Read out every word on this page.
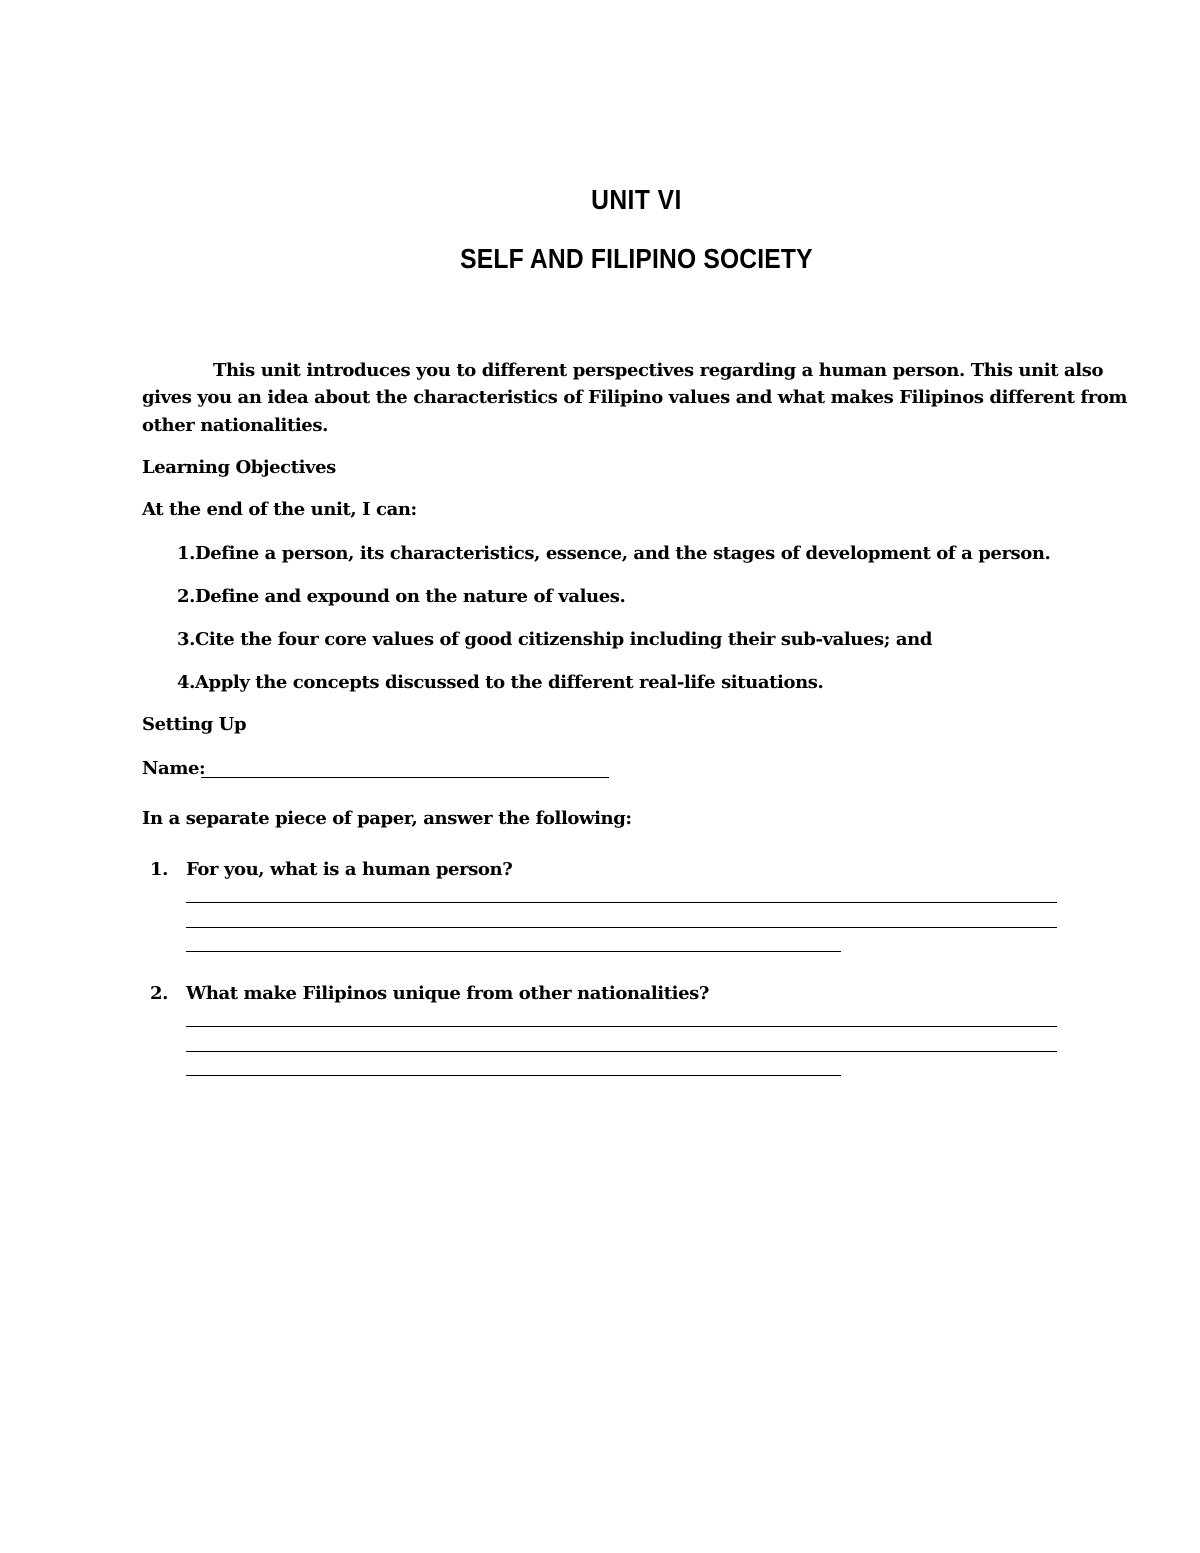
UNIT VI
SELF AND FILIPINO SOCIETY
This unit introduces you to different perspectives regarding a human person. This unit also
gives you an idea about the characteristics of Filipino values and what makes Filipinos different from
other nationalities.
Learning Objectives
At the end of the unit, I can:
1.Define a person, its characteristics, essence, and the stages of development of a person.
2.Define and expound on the nature of values.
3.Cite the four core values of good citizenship including their sub-values; and
4.Apply the concepts discussed to the different real-life situations.
Setting Up
Name:
In a separate piece of paper, answer the following:
1. For you, what is a human person?
2. What make Filipinos unique from other nationalities?
